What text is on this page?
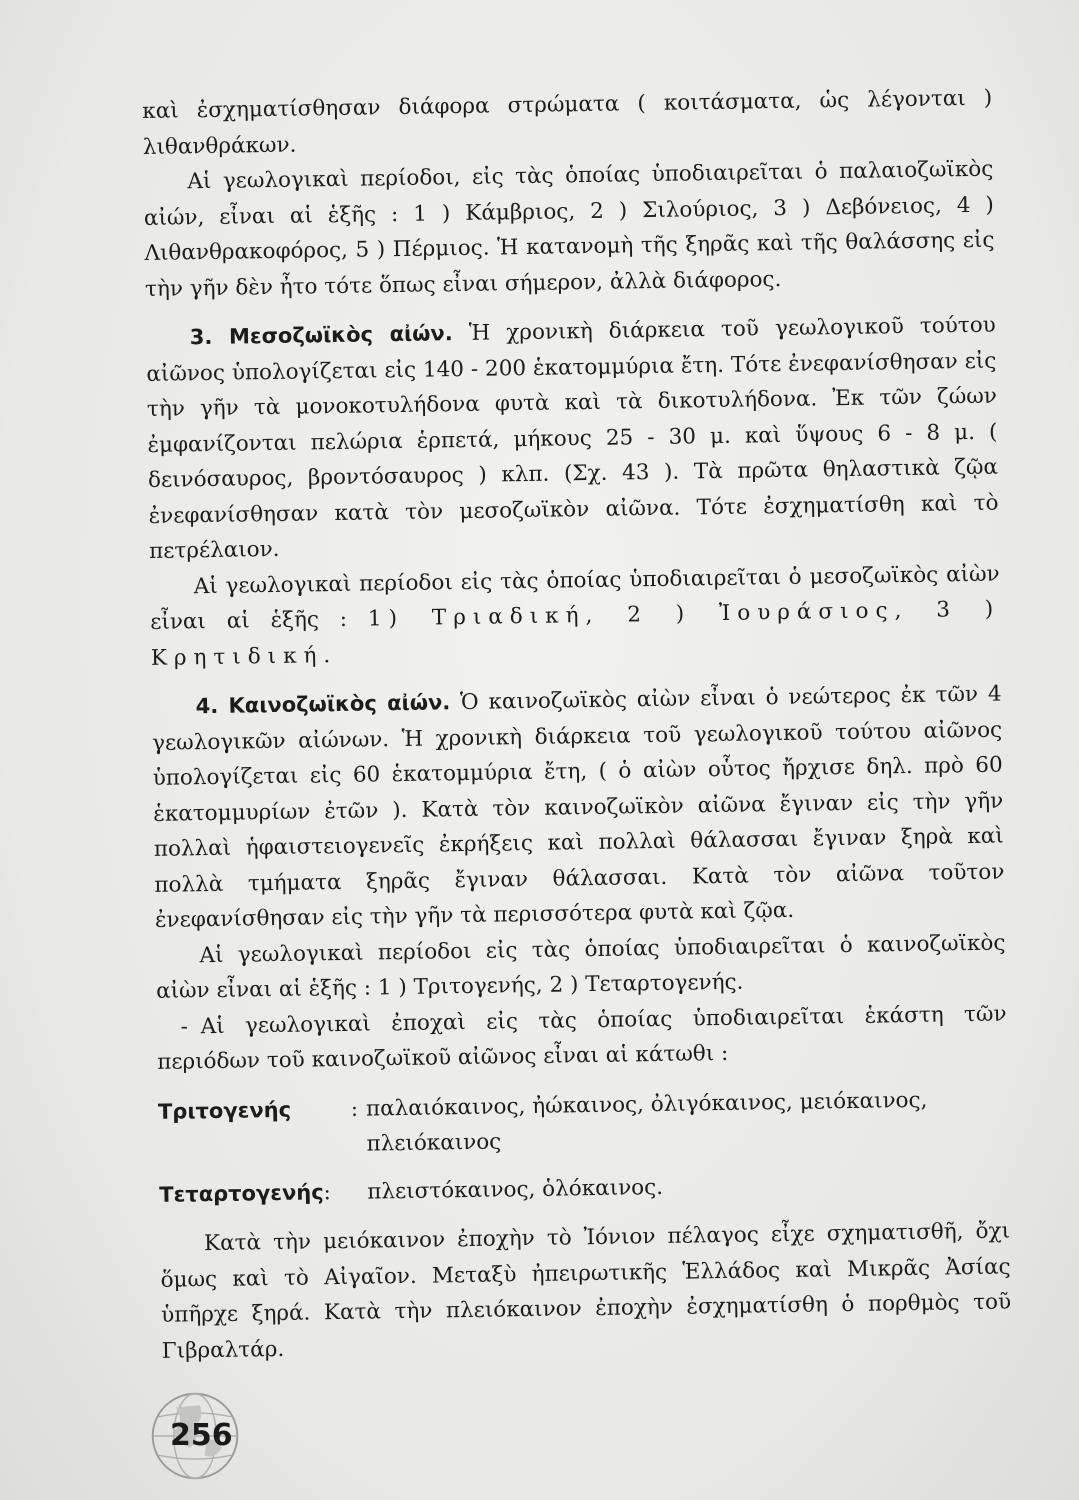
καὶ ἐσχηματίσθησαν διάφορα στρώματα ( κοιτάσματα, ὡς λέγονται ) λιθανθράκων.

Αἱ γεωλογικαὶ περίοδοι, εἰς τὰς ὁποίας ὑποδιαιρεῖται ὁ παλαιοζωϊκὸς αἰών, εἶναι αἱ ἑξῆς : 1 ) Κάμβριος, 2 ) Σιλούριος, 3 ) Δεβόνειος, 4 ) Λιθανθρακοφόρος, 5 ) Πέρμιος. Ἡ κατανομὴ τῆς ξηρᾶς καὶ τῆς θαλάσσης εἰς τὴν γῆν δὲν ἦτο τότε ὅπως εἶναι σήμερον, ἀλλὰ διάφορος.

3. Μεσοζωϊκὸς αἰών. Ἡ χρονικὴ διάρκεια τοῦ γεωλογικοῦ τούτου αἰῶνος ὑπολογίζεται εἰς 140 - 200 ἑκατομμύρια ἔτη. Τότε ἐνεφανίσθησαν εἰς τὴν γῆν τὰ μονοκοτυλήδονα φυτὰ καὶ τὰ δικοτυλήδονα. Ἐκ τῶν ζώων ἐμφανίζονται πελώρια ἑρπετά, μήκους 25 - 30 μ. καὶ ὕψους 6 - 8 μ. ( δεινόσαυρος, βροντόσαυρος ) κλπ. (Σχ. 43 ). Τὰ πρῶτα θηλαστικὰ ζῷα ἐνεφανίσθησαν κατὰ τὸν μεσοζωϊκὸν αἰῶνα. Τότε ἐσχηματίσθη καὶ τὸ πετρέλαιον.

Αἱ γεωλογικαὶ περίοδοι εἰς τὰς ὁποίας ὑποδιαιρεῖται ὁ μεσοζωϊκὸς αἰὼν εἶναι αἱ ἑξῆς : 1) Τριαδική, 2 ) Ἰουράσιος, 3 ) Κρητιδική.

4. Καινοζωϊκὸς αἰών. Ὁ καινοζωϊκὸς αἰὼν εἶναι ὁ νεώτερος ἐκ τῶν 4 γεωλογικῶν αἰώνων. Ἡ χρονικὴ διάρκεια τοῦ γεωλογικοῦ τούτου αἰῶνος ὑπολογίζεται εἰς 60 ἑκατομμύρια ἔτη, ( ὁ αἰὼν οὗτος ἤρχισε δηλ. πρὸ 60 ἑκατομμυρίων ἐτῶν ). Κατὰ τὸν καινοζωϊκὸν αἰῶνα ἔγιναν εἰς τὴν γῆν πολλαὶ ἡφαιστειογενεῖς ἐκρήξεις καὶ πολλαὶ θάλασσαι ἔγιναν ξηρὰ καὶ πολλὰ τμήματα ξηρᾶς ἔγιναν θάλασσαι. Κατὰ τὸν αἰῶνα τοῦτον ἐνεφανίσθησαν εἰς τὴν γῆν τὰ περισσότερα φυτὰ καὶ ζῷα.

Αἱ γεωλογικαὶ περίοδοι εἰς τὰς ὁποίας ὑποδιαιρεῖται ὁ καινοζωϊκὸς αἰὼν εἶναι αἱ ἑξῆς : 1 ) Τριτογενής, 2 ) Τεταρτογενής.

- Αἱ γεωλογικαὶ ἐποχαὶ εἰς τὰς ὁποίας ὑποδιαιρεῖται ἑκάστη τῶν περιόδων τοῦ καινοζωϊκοῦ αἰῶνος εἶναι αἱ κάτωθι :

Τριτογενής	: παλαιόκαινος, ἠώκαινος, ὀλιγόκαινος, μειόκαινος, πλειόκαινος
Τεταρτογενής:	πλειστόκαινος, ὁλόκαινος.

Κατὰ τὴν μειόκαινον ἐποχὴν τὸ Ἰόνιον πέλαγος εἶχε σχηματισθῆ, ὄχι ὅμως καὶ τὸ Αἰγαῖον. Μεταξὺ ἠπειρωτικῆς Ἑλλάδος καὶ Μικρᾶς Ἀσίας ὑπῆρχε ξηρά. Κατὰ τὴν πλειόκαινον ἐποχὴν ἐσχηματίσθη ὁ πορθμὸς τοῦ Γιβραλτάρ.

256
